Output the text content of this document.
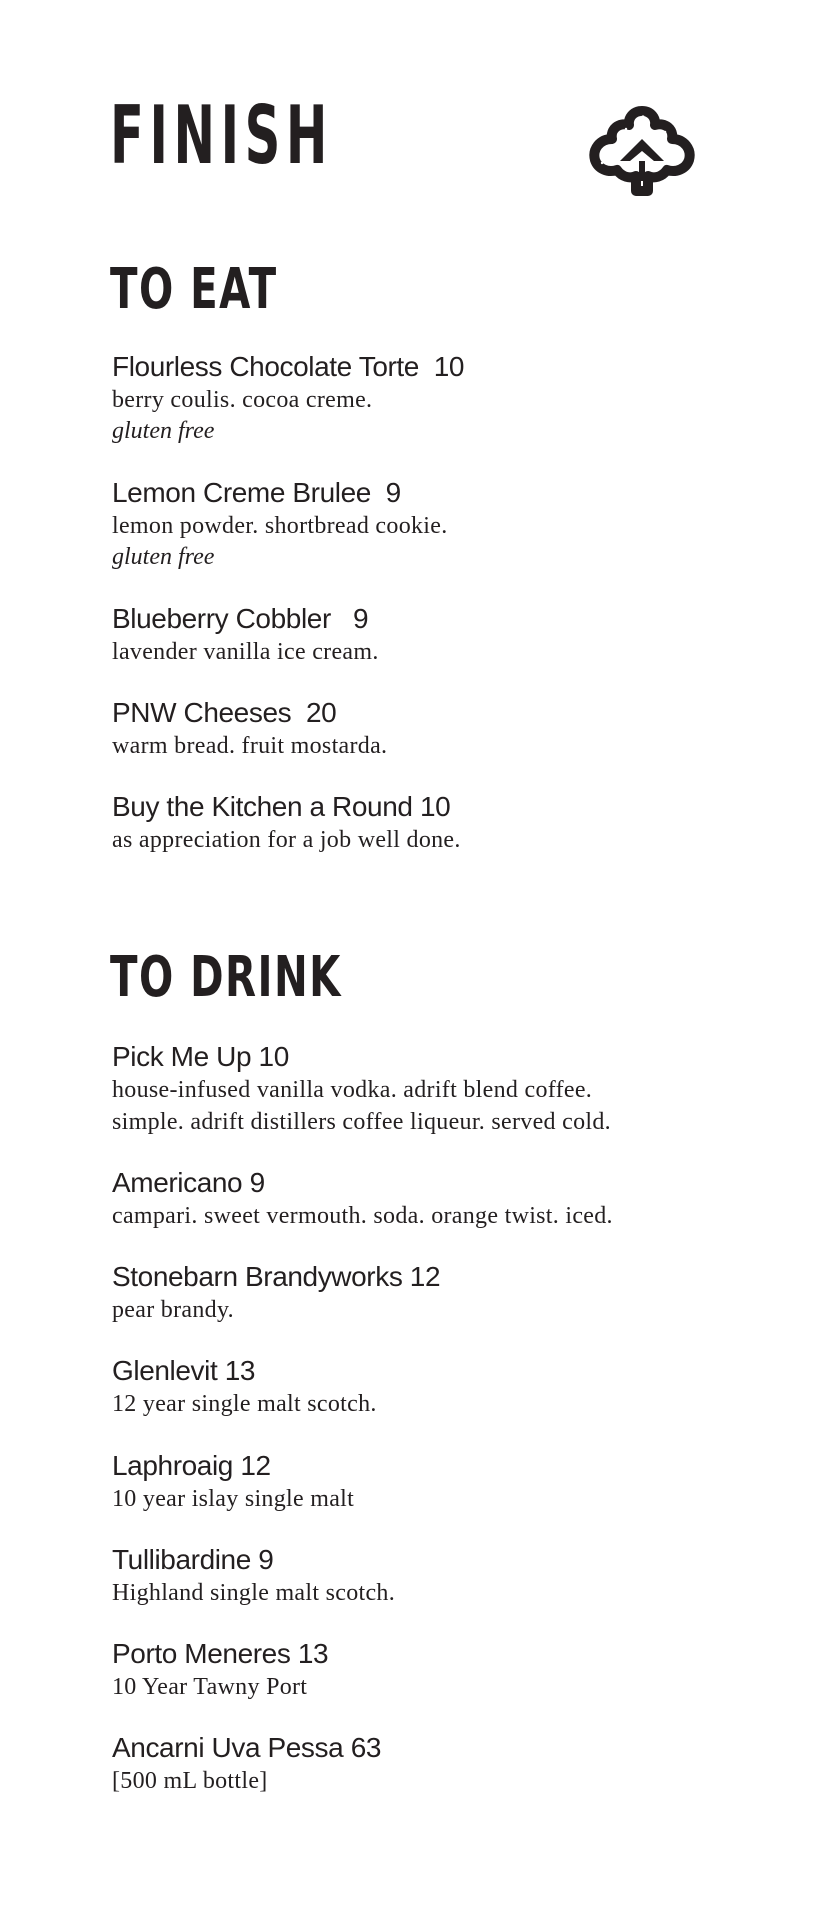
FINISH
TO EAT
Flourless Chocolate Torte  10
berry coulis. cocoa creme.
gluten free
Lemon Creme Brulee  9
lemon powder. shortbread cookie.
gluten free
Blueberry Cobbler   9
lavender vanilla ice cream.
PNW Cheeses  20
warm bread. fruit mostarda.
Buy the Kitchen a Round 10
as appreciation for a job well done.
TO DRINK
Pick Me Up 10
house-infused vanilla vodka. adrift blend coffee.
simple. adrift distillers coffee liqueur. served cold.
Americano 9
campari. sweet vermouth. soda. orange twist. iced.
Stonebarn Brandyworks 12
pear brandy.
Glenlevit 13
12 year single malt scotch.
Laphroaig 12
10 year islay single malt
Tullibardine 9
Highland single malt scotch.
Porto Meneres 13
10 Year Tawny Port
Ancarni Uva Pessa 63
[500 mL bottle]
